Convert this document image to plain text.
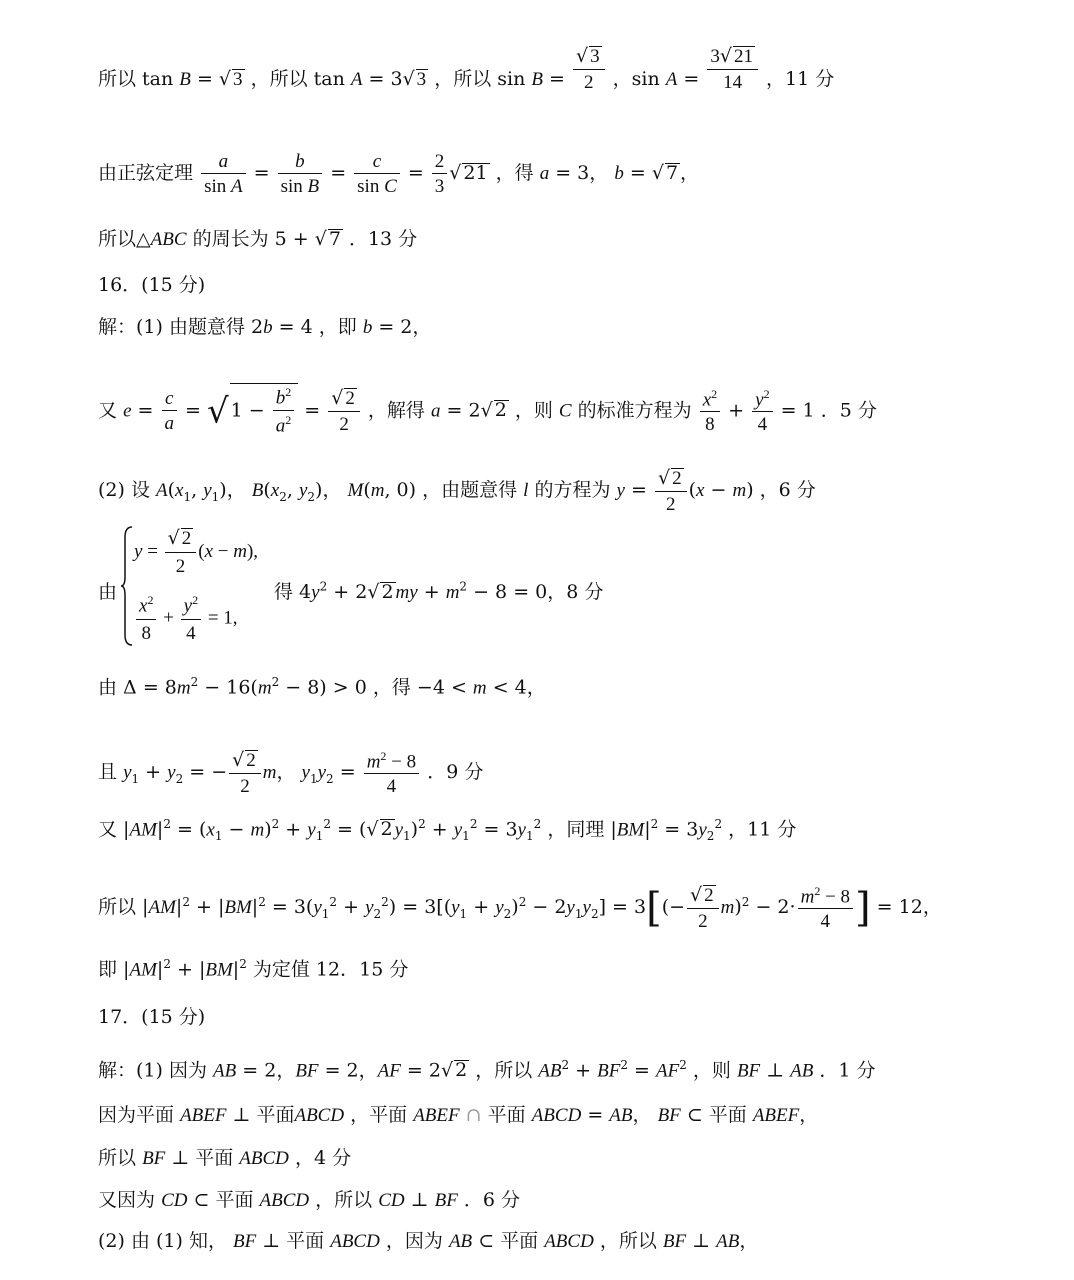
所以 tan B = √ 3 ，所以 tan A = 3√ 3 ，所以 $\sin B = \frac{√ 3}{2}$ ，$\sin A = \frac{3√ 21}{14}$ ，11 分
由正弦定理 $\frac{a}{\text{sin A}} = \frac{b}{\text{sin B}} = \frac{c}{\text{sin C}} = \frac{2}{3}$ √ 21 ，得 a = 3， b = √ 7 ，
所以△ABC 的周长为 5 + √ 7 ．13 分
16．(15 分)
解：(1) 由题意得 2b = 4 ，即 b = 2，
又 $e = \frac{c}{a}$ = √ $1 - \frac{b^2}{a^2} = \frac{√ 2}{2}$ ，解得 a = 2√ 2 ，则 C 的标准方程为 $\frac{x^2}{8} + \frac{y^2}{4} = 1$ ．5 分
(2) 设 $A(x_1$, $y_1$)， $B(x_2$, $y_2$)， M(m, 0) ，由题意得 l 的方程为 $y = \frac{√ 2}{2} (x - m)$ ，6 分
由
$y = \frac{√ 2}{2} (x - m)$,
$\frac{x^2}{8} + \frac{y^2}{4} = 1$,
得 $4y^2 + 2√$ 2 my + $m^2 - 8 = 0$，8 分
由 $\Delta = 8m^2 - 16(m^2 - 8) > 0$ ，得 −4 < m < 4，
且 $y_1 + y_2$ = − $\frac{√ 2}{2}$ m， $y_1y_2 = \frac{m^2 - 8}{4}$ ．9 分
又 $|AM|^2 = (x_1 - m)^2 + y_1^2$ = (√ 2 $y_1)^2 + y_1^2 = 3y_1^2$ ，同理 $|BM|^2 = 3y_2^2$ ，11 分
所以 $|AM|^2 + |BM|^2 = 3(y_1^2 + y_2^2) = 3[(y_1 + y_2)^2 - 2y_1y_2] = 3[(- \frac{√ 2}{2} m)^2 - 2\cdot \frac{m^2 - 8}{4}$ ] = 12，
即 $|AM|^2 + |BM|^2$ 为定值 12．15 分
17．(15 分)
解：(1) 因为 AB = 2，BF = 2，AF = 2√ 2 ，所以 $AB^2 + BF^2 = AF^2$ ，则 BF ⊥ AB ．1 分
因为平面 ABEF ⊥ 平面ABCD ，平面 ABEF ∩ 平面 ABCD = AB， BF ⊂ 平面 ABEF，
所以 BF ⊥ 平面 ABCD ，4 分
又因为 CD ⊂ 平面 ABCD ，所以 CD ⊥ BF ．6 分
(2) 由 (1) 知， BF ⊥ 平面 ABCD ，因为 AB ⊂ 平面 ABCD ，所以 BF ⊥ AB，
